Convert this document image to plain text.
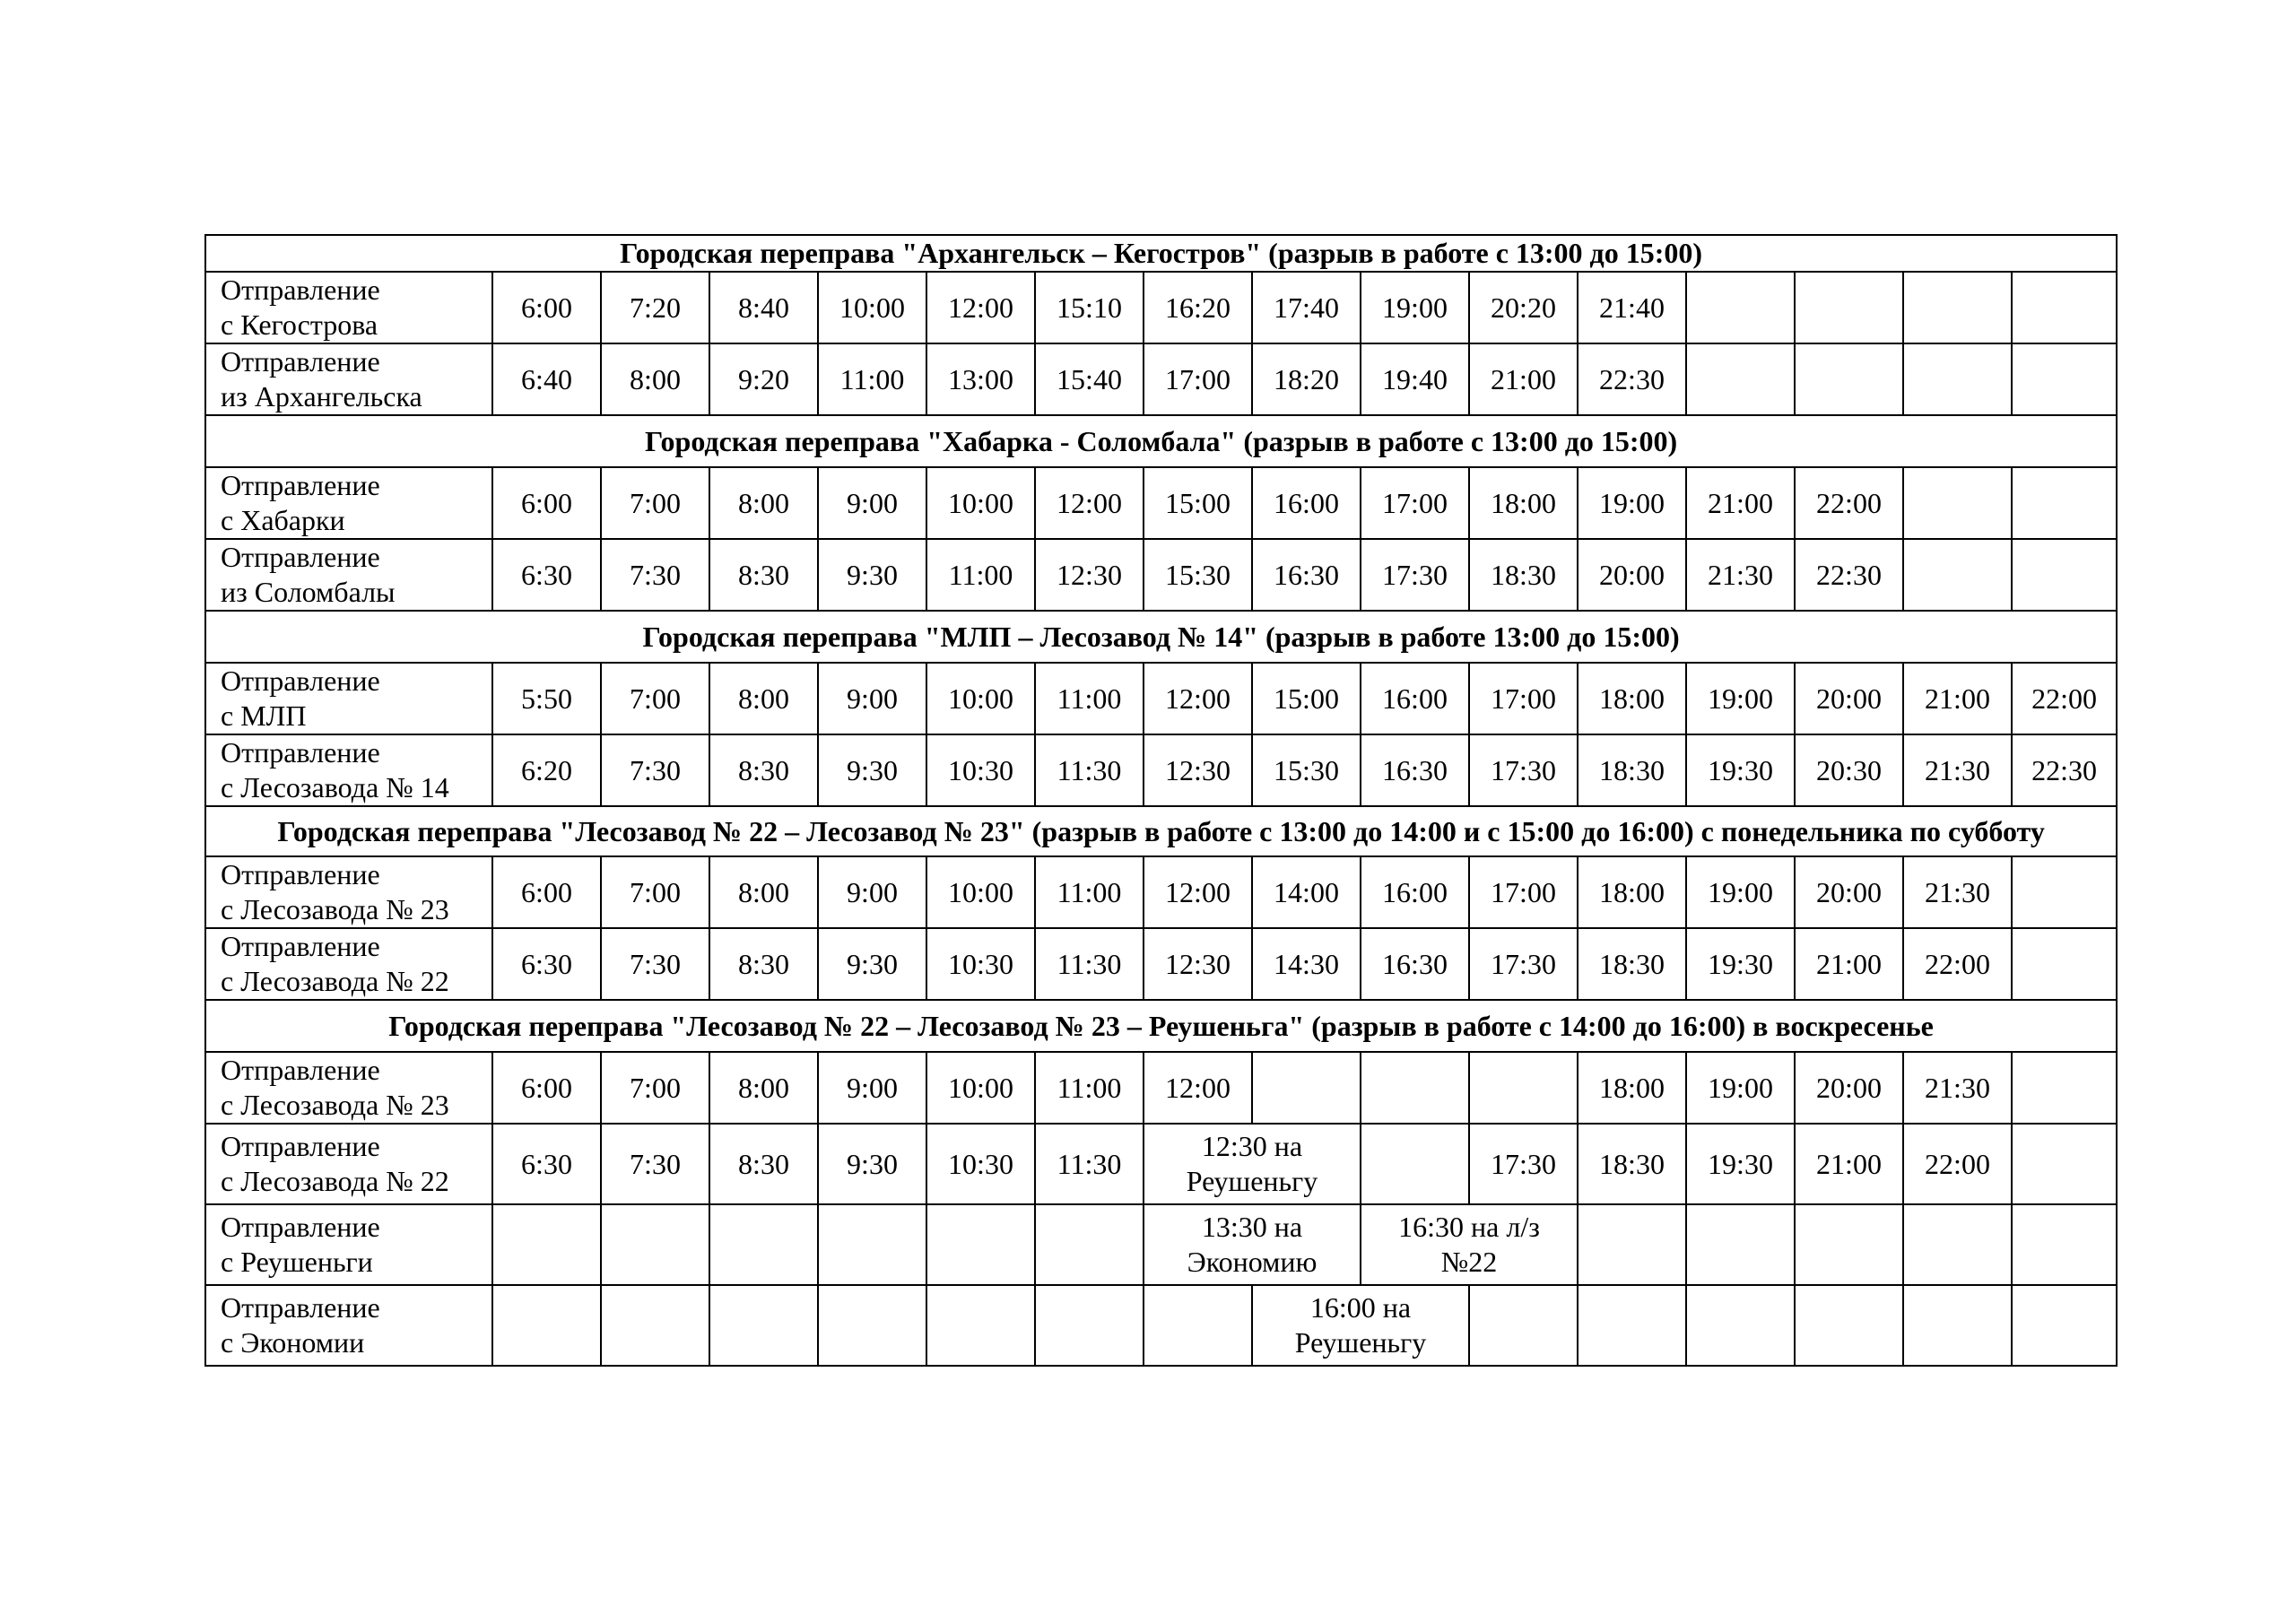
Городская переправа "Архангельск – Кегостров" (разрыв в работе с 13:00 до 15:00)															

Отправление
с Кегострова	6:00	7:20	8:40	10:00	12:00	15:10	16:20	17:40	19:00	20:20	21:40				

Отправление
из Архангельска	6:40	8:00	9:20	11:00	13:00	15:40	17:00	18:20	19:40	21:00	22:30				
Городская переправа "Хабарка - Соломбала" (разрыв в работе с 13:00 до 15:00)															

Отправление
с Хабарки	6:00	7:00	8:00	9:00	10:00	12:00	15:00	16:00	17:00	18:00	19:00	21:00	22:00		

Отправление
из Соломбалы	6:30	7:30	8:30	9:30	11:00	12:30	15:30	16:30	17:30	18:30	20:00	21:30	22:30		
Городская переправа "МЛП – Лесозавод № 14" (разрыв в работе 13:00 до 15:00)															

Отправление
с МЛП	5:50	7:00	8:00	9:00	10:00	11:00	12:00	15:00	16:00	17:00	18:00	19:00	20:00	21:00	22:00

Отправление
с Лесозавода № 14	6:20	7:30	8:30	9:30	10:30	11:30	12:30	15:30	16:30	17:30	18:30	19:30	20:30	21:30	22:30
Городская переправа "Лесозавод № 22 – Лесозавод № 23" (разрыв в работе с 13:00 до 14:00 и с 15:00 до 16:00) с понедельника по субботу															

Отправление
с Лесозавода № 23	6:00	7:00	8:00	9:00	10:00	11:00	12:00	14:00	16:00	17:00	18:00	19:00	20:00	21:30	

Отправление
с Лесозавода № 22	6:30	7:30	8:30	9:30	10:30	11:30	12:30	14:30	16:30	17:30	18:30	19:30	21:00	22:00	
Городская переправа "Лесозавод № 22 – Лесозавод № 23 – Реушеньга" (разрыв в работе с 14:00 до 16:00) в воскресенье															

Отправление
с Лесозавода № 23	6:00	7:00	8:00	9:00	10:00	11:00	12:00				18:00	19:00	20:00	21:30	

Отправление
с Лесозавода № 22	6:30	7:30	8:30	9:30	10:30	11:30	12:30 на
Реушеньгу			17:30	18:30	19:30	21:00	22:00	

Отправление
с Реушеньги							13:30 на
Экономию		16:30 на л/з
№22						

Отправление
с Экономии								16:00 на
Реушеньгу							
